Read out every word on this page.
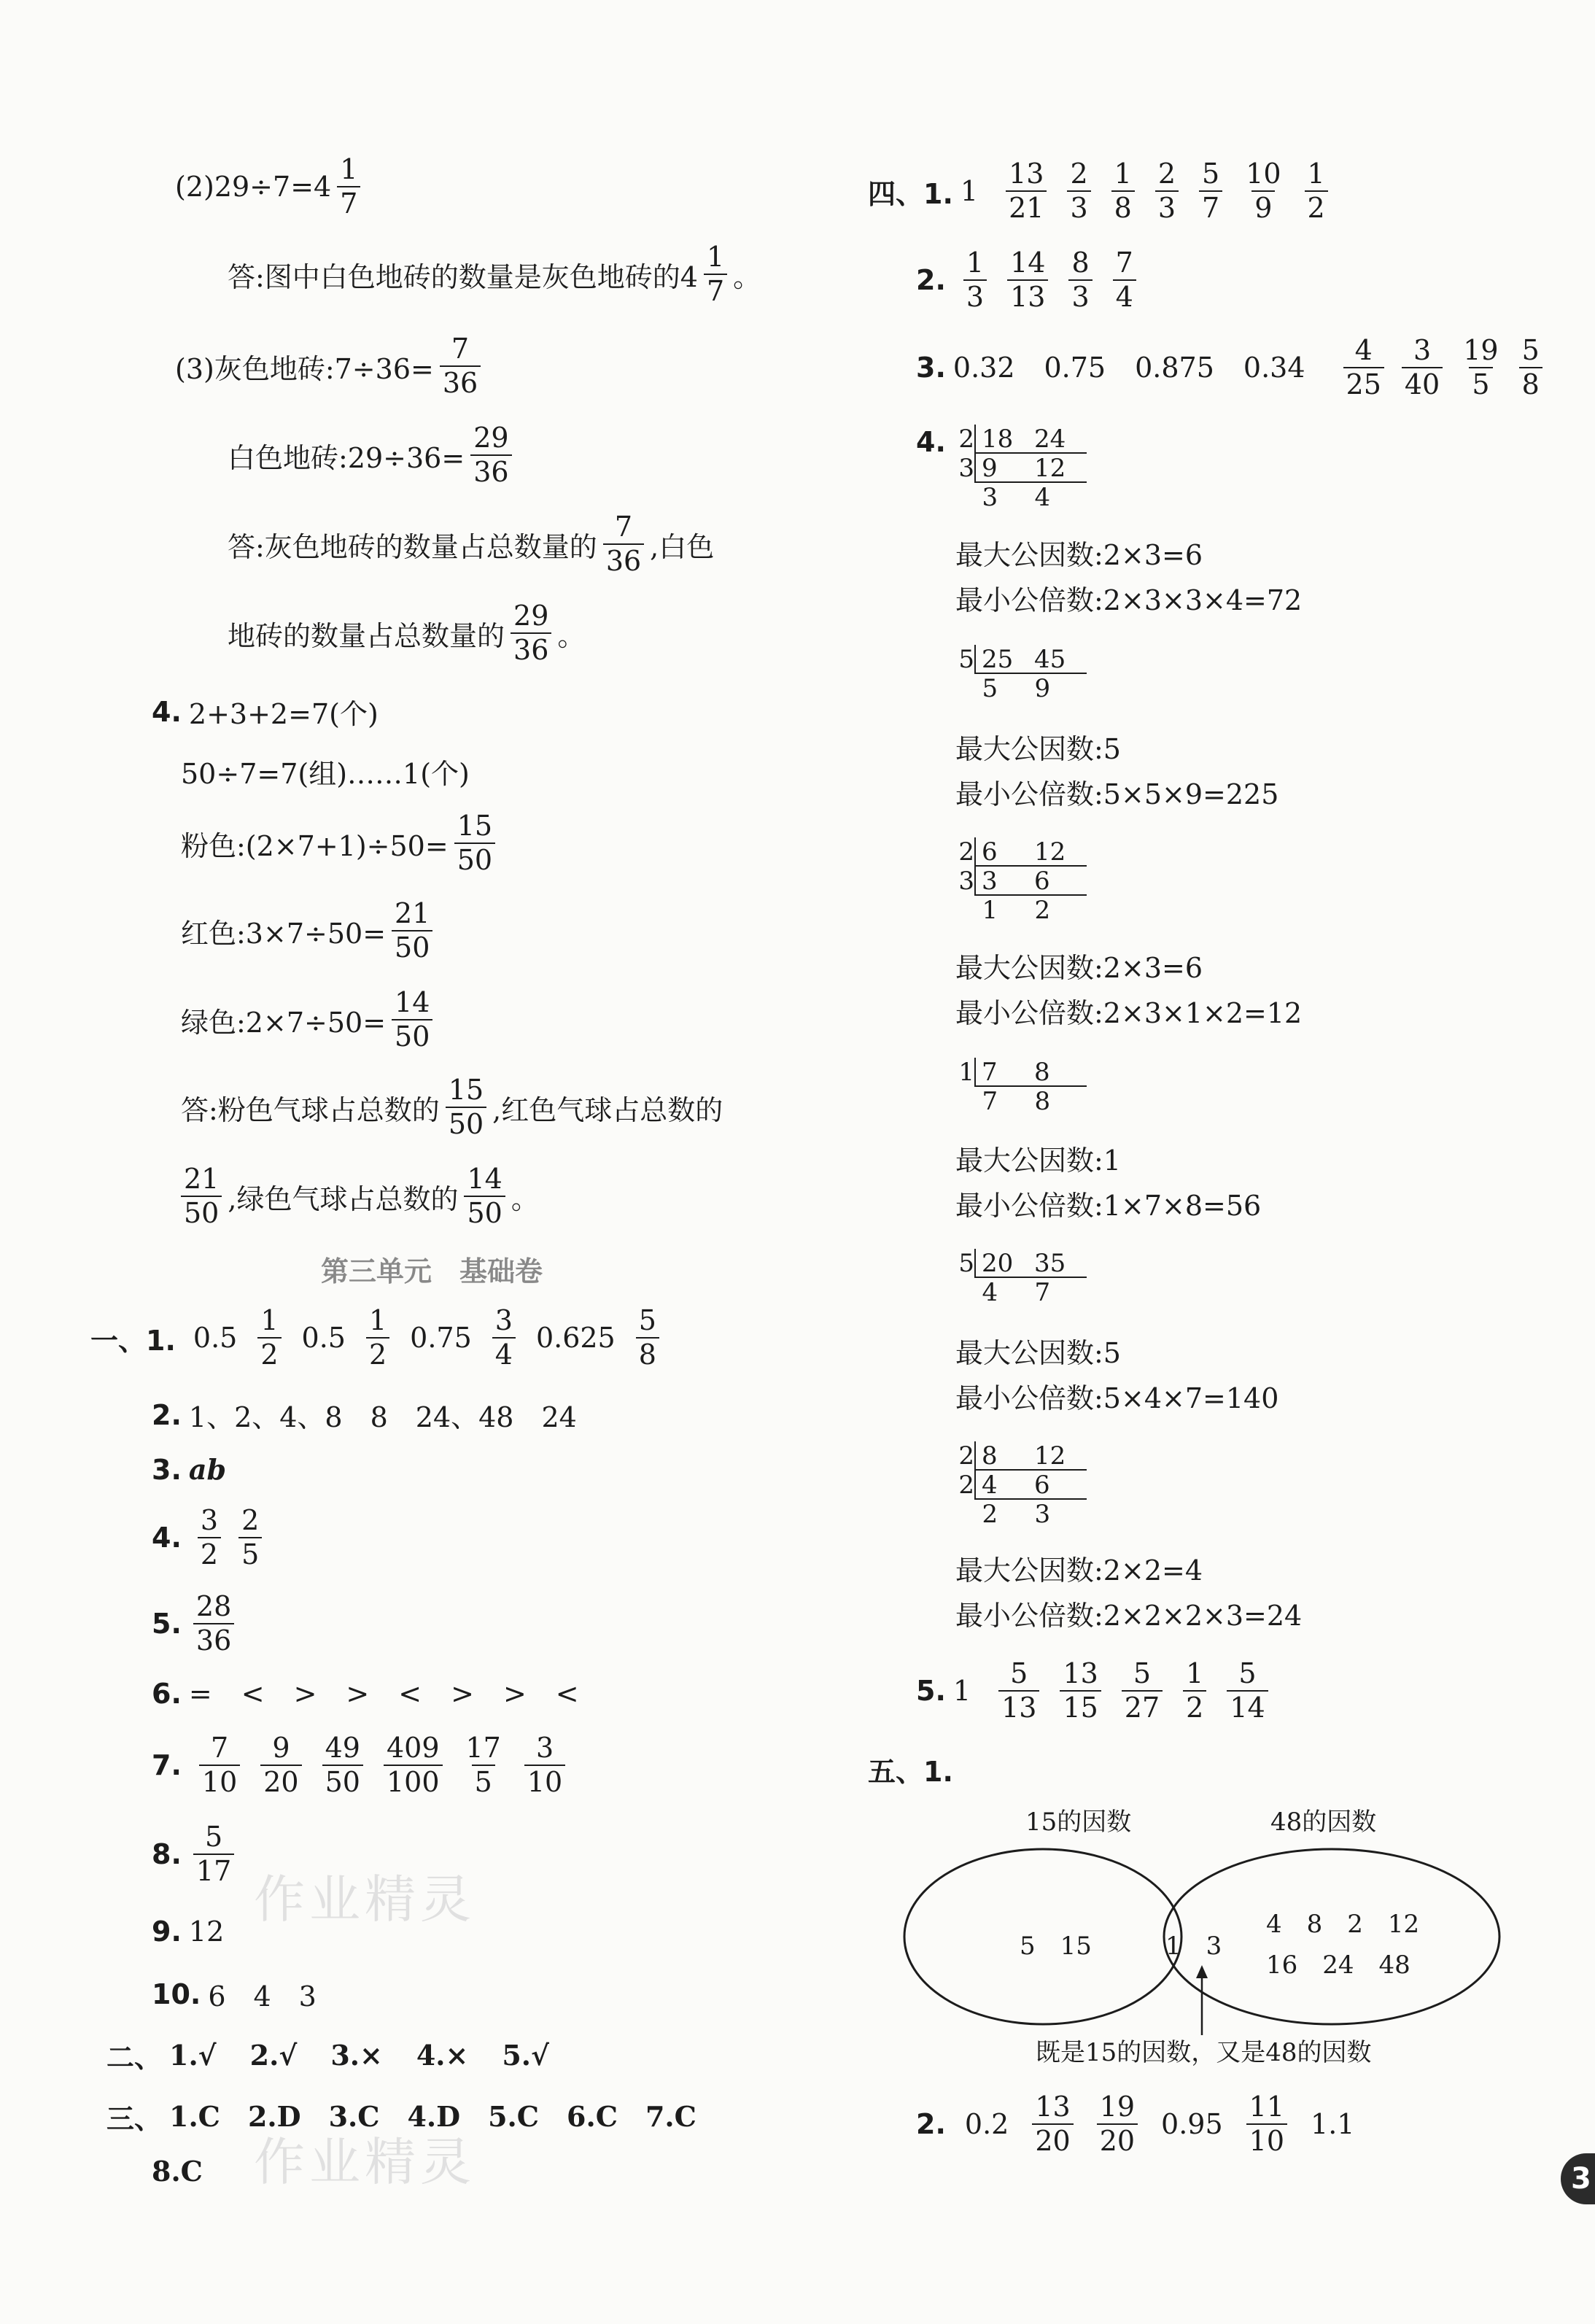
$(2)29\div 7=4 \frac{1}{7}$
答:图中白色地砖的数量是灰色地砖的$4 \frac{1}{7}$ 。
(3)灰色地砖:7÷36= $\frac{7}{36}$
白色地砖:29÷36= $\frac{29}{36}$
答:灰色地砖的数量占总数量的 $\frac{7}{36}$ ,白色
地砖的数量占总数量的 $\frac{29}{36}$ 。
4. 2+3+2=7(个)
50÷7=7(组)……1(个)
粉色:(2×7+1)÷50= $\frac{15}{50}$
红色:3×7÷50= $\frac{21}{50}$
绿色:2×7÷50= $\frac{14}{50}$
答:粉色气球占总数的 $\frac{15}{50}$ ,红色气球占总数的
$\frac{21}{50}$ ,绿色气球占总数的 $\frac{14}{50}$ 。
第三单元　基础卷
一、1. $0.5 \frac{1}{2} 0.5 \frac{1}{2} 0.75 \frac{3}{4} 0.625 \frac{5}{8}$
2. 1、2、4、8　8　24、48　24
3. ab
4. $\frac{3}{2} \frac{2}{5}$
5. $\frac{28}{36}$
6. = < > > < > > <
7. $\frac{7}{10} \frac{9}{20} \frac{49}{50} \frac{409}{100} \frac{17}{5} \frac{3}{10}$
8. $\frac{5}{17}$
9. 12
10. 6　4　3
二、 1.√ 2.√ 3.× 4.× 5.√
三、 1.C 2.D 3.C 4.D 5.C 6.C 7.C
8.C
作业精灵
作业精灵
四、1. $1 \frac{13}{21} \frac{2}{3} \frac{1}{8} \frac{2}{3} \frac{5}{7} \frac{10}{9} \frac{1}{2}$
2. $\frac{1}{3} \frac{14}{13} \frac{8}{3} \frac{7}{4}$
3. 0.32 0.75 0.875 $0.34 \frac{4}{25} \frac{3}{40} \frac{19}{5} \frac{5}{8}$
4. 2 18 24
3 9	12
3	4
最大公因数:2×3=6
最小公倍数:2×3×3×4=72
5 25 45
5	9
最大公因数:5
最小公倍数:5×5×9=225
2 6	12
3 3	6
1	2
最大公因数:2×3=6
最小公倍数:2×3×1×2=12
1 7	8
7	8
最大公因数:1
最小公倍数:1×7×8=56
5 20 35
4	7
最大公因数:5
最小公倍数:5×4×7=140
2 8	12
2 4	6
2	3
最大公因数:2×2=4
最小公倍数:2×2×2×3=24
5. $1 \frac{5}{13} \frac{13}{15} \frac{5}{27} \frac{1}{2} \frac{5}{14}$
五、1.
15的因数	48的因数
5　15	1　3
4　8　2　12
16　24　48
既是15的因数，又是48的因数
2. $0.2 \frac{13}{20} \frac{19}{20} 0.95 \frac{11}{10} 1.1$
3
